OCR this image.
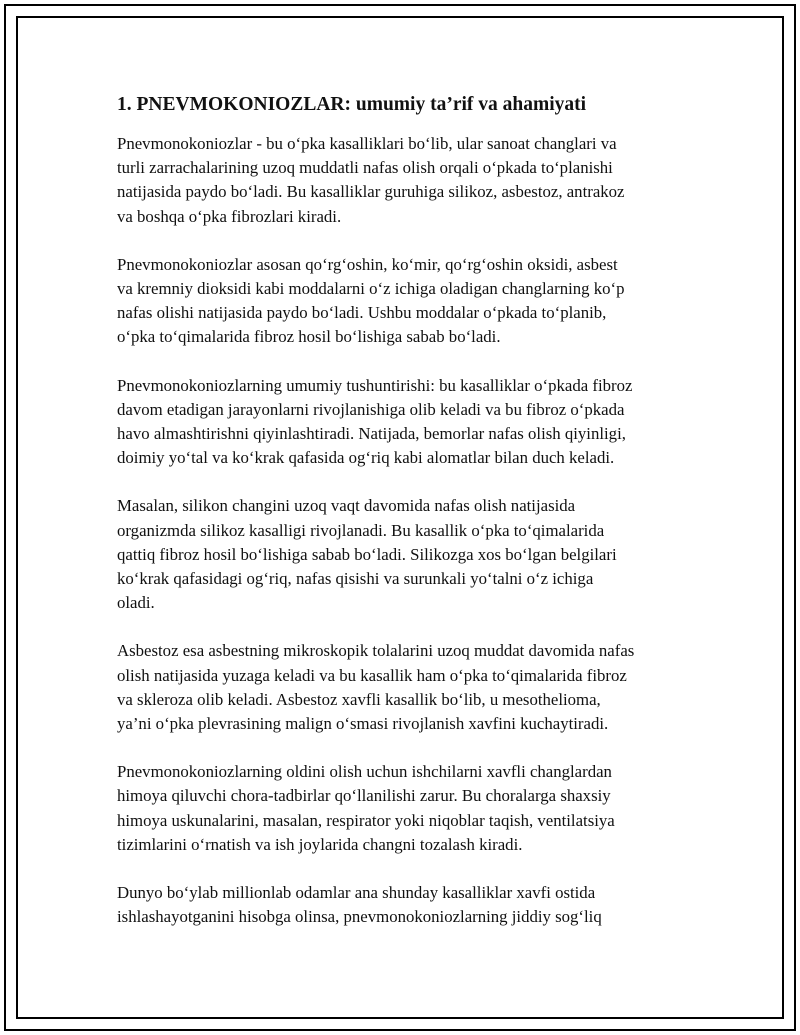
1. PNEVMOKONIOZLAR: umumiy ta’rif va ahamiyati

Pnevmonokoniozlar - bu o‘pka kasalliklari bo‘lib, ular sanoat changlari va
turli zarrachalarining uzoq muddatli nafas olish orqali o‘pkada to‘planishi
natijasida paydo bo‘ladi. Bu kasalliklar guruhiga silikoz, asbestoz, antrakoz
va boshqa o‘pka fibrozlari kiradi.

Pnevmonokoniozlar asosan qo‘rg‘oshin, ko‘mir, qo‘rg‘oshin oksidi, asbest
va kremniy dioksidi kabi moddalarni o‘z ichiga oladigan changlarning ko‘p
nafas olishi natijasida paydo bo‘ladi. Ushbu moddalar o‘pkada to‘planib,
o‘pka to‘qimalarida fibroz hosil bo‘lishiga sabab bo‘ladi.

Pnevmonokoniozlarning umumiy tushuntirishi: bu kasalliklar o‘pkada fibroz
davom etadigan jarayonlarni rivojlanishiga olib keladi va bu fibroz o‘pkada
havo almashtirishni qiyinlashtiradi. Natijada, bemorlar nafas olish qiyinligi,
doimiy yo‘tal va ko‘krak qafasida og‘riq kabi alomatlar bilan duch keladi.

Masalan, silikon changini uzoq vaqt davomida nafas olish natijasida
organizmda silikoz kasalligi rivojlanadi. Bu kasallik o‘pka to‘qimalarida
qattiq fibroz hosil bo‘lishiga sabab bo‘ladi. Silikozga xos bo‘lgan belgilari
ko‘krak qafasidagi og‘riq, nafas qisishi va surunkali yo‘talni o‘z ichiga
oladi.

Asbestoz esa asbestning mikroskopik tolalarini uzoq muddat davomida nafas
olish natijasida yuzaga keladi va bu kasallik ham o‘pka to‘qimalarida fibroz
va skleroza olib keladi. Asbestoz xavfli kasallik bo‘lib, u mesothelioma,
ya’ni o‘pka plevrasining malign o‘smasi rivojlanish xavfini kuchaytiradi.

Pnevmonokoniozlarning oldini olish uchun ishchilarni xavfli changlardan
himoya qiluvchi chora-tadbirlar qo‘llanilishi zarur. Bu choralarga shaxsiy
himoya uskunalarini, masalan, respirator yoki niqoblar taqish, ventilatsiya
tizimlarini o‘rnatish va ish joylarida changni tozalash kiradi.

Dunyo bo‘ylab millionlab odamlar ana shunday kasalliklar xavfi ostida
ishlashayotganini hisobga olinsa, pnevmonokoniozlarning jiddiy sog‘liq
